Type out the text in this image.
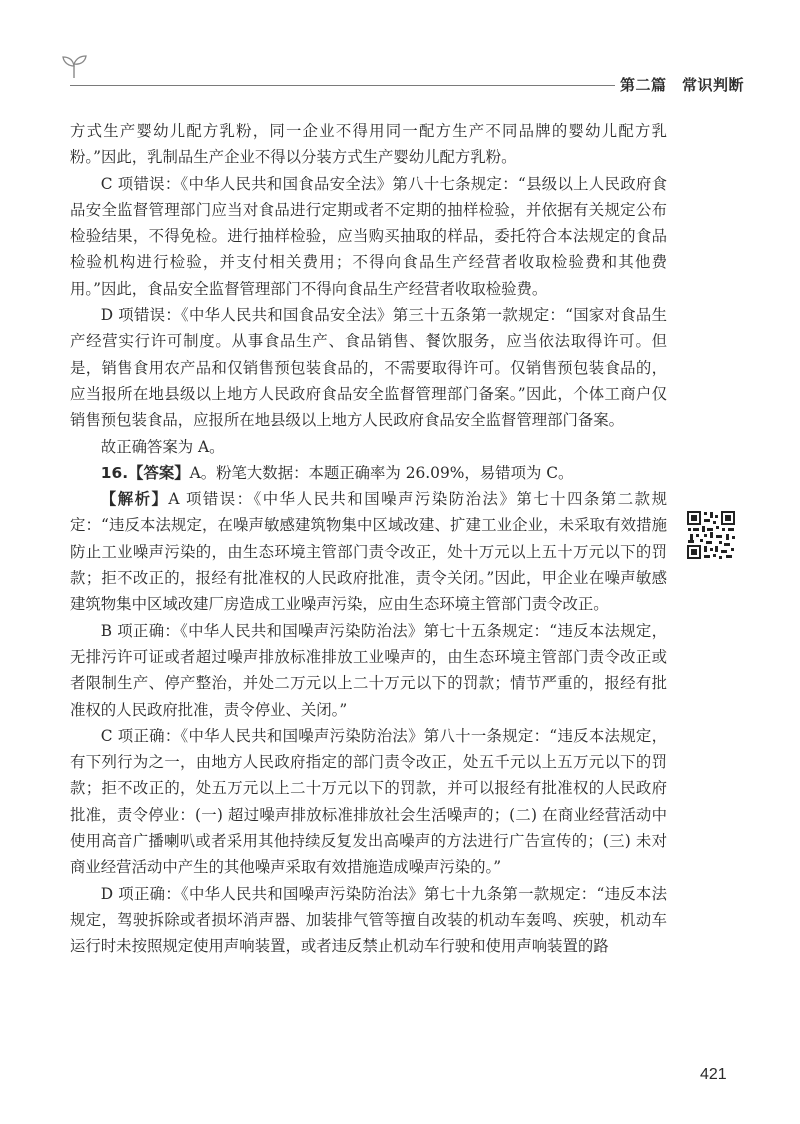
第二篇　常识判断

方式生产婴幼儿配方乳粉，同一企业不得用同一配方生产不同品牌的婴幼儿配方乳粉。”因此，乳制品生产企业不得以分装方式生产婴幼儿配方乳粉。

C 项错误：《中华人民共和国食品安全法》第八十七条规定：“县级以上人民政府食品安全监督管理部门应当对食品进行定期或者不定期的抽样检验，并依据有关规定公布检验结果，不得免检。进行抽样检验，应当购买抽取的样品，委托符合本法规定的食品检验机构进行检验，并支付相关费用；不得向食品生产经营者收取检验费和其他费用。”因此，食品安全监督管理部门不得向食品生产经营者收取检验费。

D 项错误：《中华人民共和国食品安全法》第三十五条第一款规定：“国家对食品生产经营实行许可制度。从事食品生产、食品销售、餐饮服务，应当依法取得许可。但是，销售食用农产品和仅销售预包装食品的，不需要取得许可。仅销售预包装食品的，应当报所在地县级以上地方人民政府食品安全监督管理部门备案。”因此，个体工商户仅销售预包装食品，应报所在地县级以上地方人民政府食品安全监督管理部门备案。

故正确答案为 A。

16.【答案】A。粉笔大数据：本题正确率为 26.09%，易错项为 C。

【解析】A 项错误：《中华人民共和国噪声污染防治法》第七十四条第二款规定：“违反本法规定，在噪声敏感建筑物集中区域改建、扩建工业企业，未采取有效措施防止工业噪声污染的，由生态环境主管部门责令改正，处十万元以上五十万元以下的罚款；拒不改正的，报经有批准权的人民政府批准，责令关闭。”因此，甲企业在噪声敏感建筑物集中区域改建厂房造成工业噪声污染，应由生态环境主管部门责令改正。

B 项正确：《中华人民共和国噪声污染防治法》第七十五条规定：“违反本法规定，无排污许可证或者超过噪声排放标准排放工业噪声的，由生态环境主管部门责令改正或者限制生产、停产整治，并处二万元以上二十万元以下的罚款；情节严重的，报经有批准权的人民政府批准，责令停业、关闭。”

C 项正确：《中华人民共和国噪声污染防治法》第八十一条规定：“违反本法规定，有下列行为之一，由地方人民政府指定的部门责令改正，处五千元以上五万元以下的罚款；拒不改正的，处五万元以上二十万元以下的罚款，并可以报经有批准权的人民政府批准，责令停业：(一) 超过噪声排放标准排放社会生活噪声的；(二) 在商业经营活动中使用高音广播喇叭或者采用其他持续反复发出高噪声的方法进行广告宣传的；(三) 未对商业经营活动中产生的其他噪声采取有效措施造成噪声污染的。”

D 项正确：《中华人民共和国噪声污染防治法》第七十九条第一款规定：“违反本法规定，驾驶拆除或者损坏消声器、加装排气管等擅自改装的机动车轰鸣、疾驶，机动车运行时未按照规定使用声响装置，或者违反禁止机动车行驶和使用声响装置的路

421
